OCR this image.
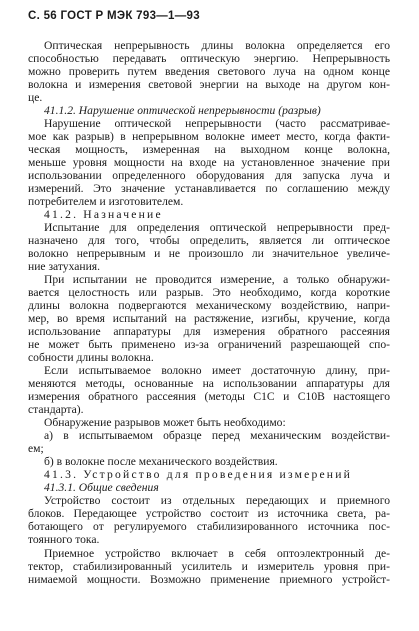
С. 56 ГОСТ Р МЭК 793—1—93
Оптическая непрерывность длины волокна определяется его
способностью передавать оптическую энергию. Непрерывность
можно проверить путем введения светового луча на одном конце
волокна и измерения световой энергии на выходе на другом кон-
це.
41.1.2. Нарушение оптической непрерывности (разрыв)
Нарушение оптической непрерывности (часто рассматривае-
мое как разрыв) в непрерывном волокне имеет место, когда факти-
ческая мощность, измеренная на выходном конце волокна,
меньше уровня мощности на входе на установленное значение при
использовании определенного оборудования для запуска луча и
измерений. Это значение устанавливается по соглашению между
потребителем и изготовителем.
41.2. Назначение
Испытание для определения оптической непрерывности пред-
назначено для того, чтобы определить, является ли оптическое
волокно непрерывным и не произошло ли значительное увеличе-
ние затухания.
При испытании не проводится измерение, а только обнаружи-
вается целостность или разрыв. Это необходимо, когда короткие
длины волокна подвергаются механическому воздействию, напри-
мер, во время испытаний на растяжение, изгибы, кручение, когда
использование аппаратуры для измерения обратного рассеяния
не может быть применено из-за ограничений разрешающей спо-
собности длины волокна.
Если испытываемое волокно имеет достаточную длину, при-
меняются методы, основанные на использовании аппаратуры для
измерения обратного рассеяния (методы С1С и С10В настоящего
стандарта).
Обнаружение разрывов может быть необходимо:
а) в испытываемом образце перед механическим воздействи-
ем;
б) в волокне после механического воздействия.
41.3. Устройство для проведения измерений
41.3.1. Общие сведения
Устройство состоит из отдельных передающих и приемного
блоков. Передающее устройство состоит из источника света, ра-
ботающего от регулируемого стабилизированного источника пос-
тоянного тока.
Приемное устройство включает в себя оптоэлектронный де-
тектор, стабилизированный усилитель и измеритель уровня при-
нимаемой мощности. Возможно применение приемного устройст-
